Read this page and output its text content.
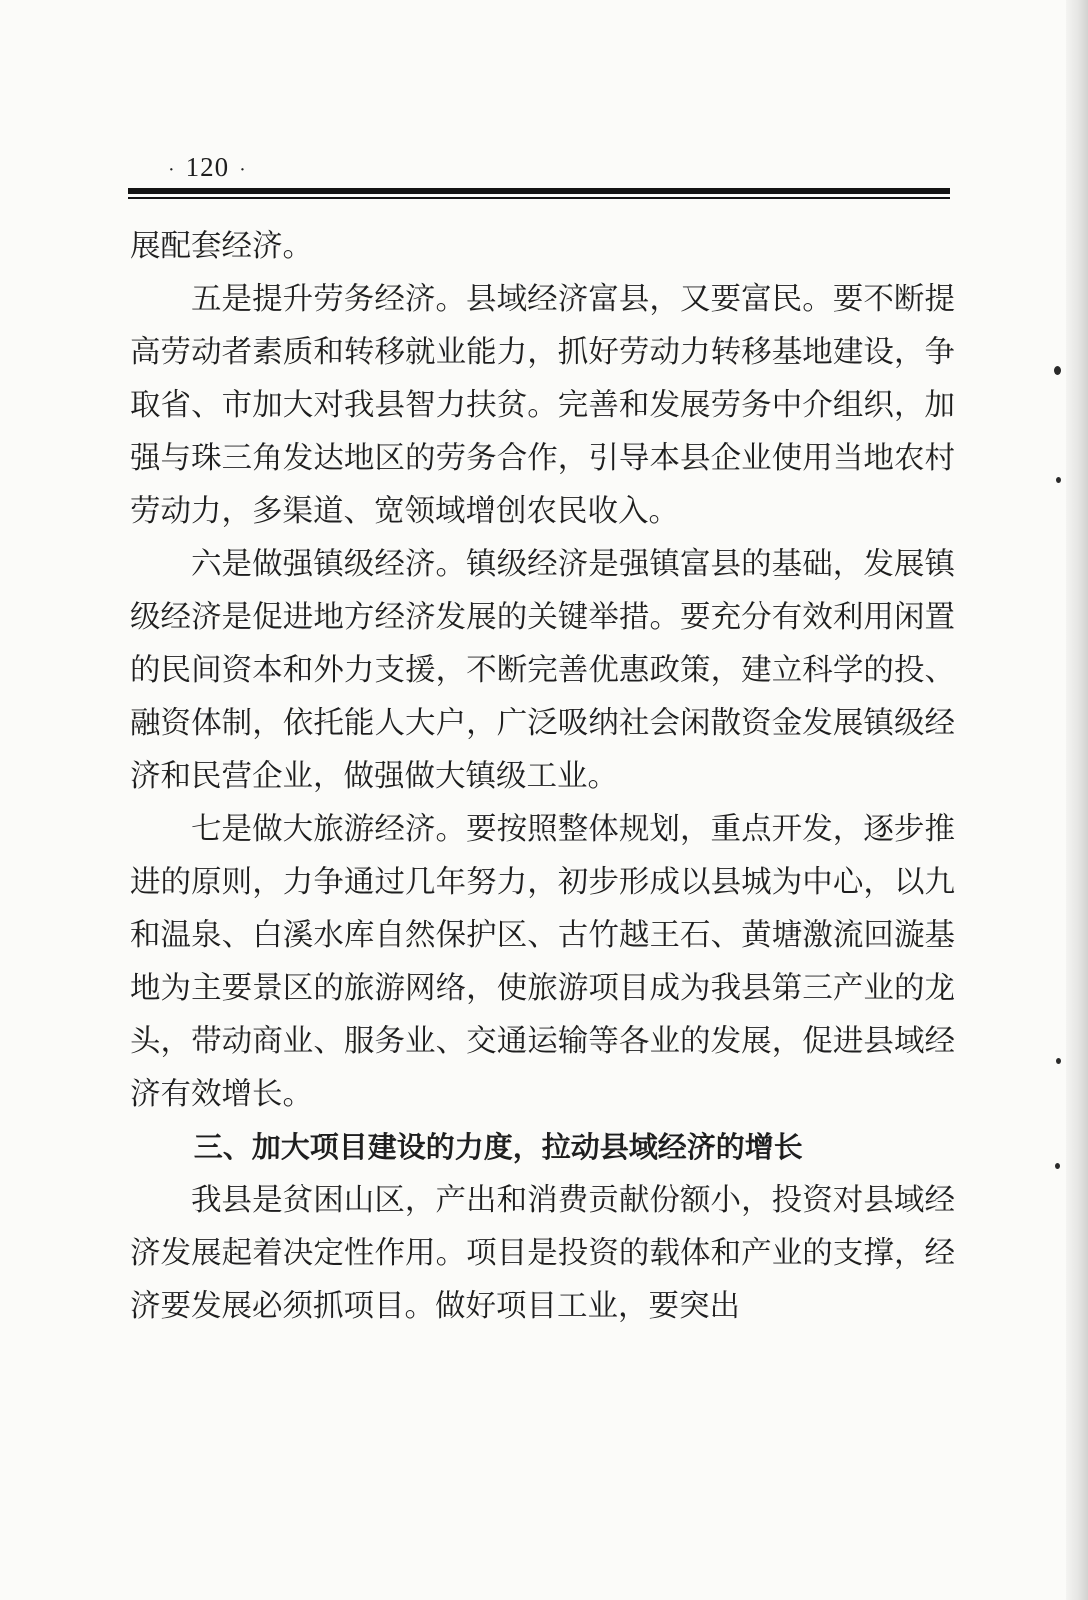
· 120 ·

展配套经济。

五是提升劳务经济。县域经济富县，又要富民。要不断提高劳动者素质和转移就业能力，抓好劳动力转移基地建设，争取省、市加大对我县智力扶贫。完善和发展劳务中介组织，加强与珠三角发达地区的劳务合作，引导本县企业使用当地农村劳动力，多渠道、宽领域增创农民收入。

六是做强镇级经济。镇级经济是强镇富县的基础，发展镇级经济是促进地方经济发展的关键举措。要充分有效利用闲置的民间资本和外力支援，不断完善优惠政策，建立科学的投、融资体制，依托能人大户，广泛吸纳社会闲散资金发展镇级经济和民营企业，做强做大镇级工业。

七是做大旅游经济。要按照整体规划，重点开发，逐步推进的原则，力争通过几年努力，初步形成以县城为中心，以九和温泉、白溪水库自然保护区、古竹越王石、黄塘激流回漩基地为主要景区的旅游网络，使旅游项目成为我县第三产业的龙头，带动商业、服务业、交通运输等各业的发展，促进县域经济有效增长。

三、加大项目建设的力度，拉动县域经济的增长

我县是贫困山区，产出和消费贡献份额小，投资对县域经济发展起着决定性作用。项目是投资的载体和产业的支撑，经济要发展必须抓项目。做好项目工业，要突出
